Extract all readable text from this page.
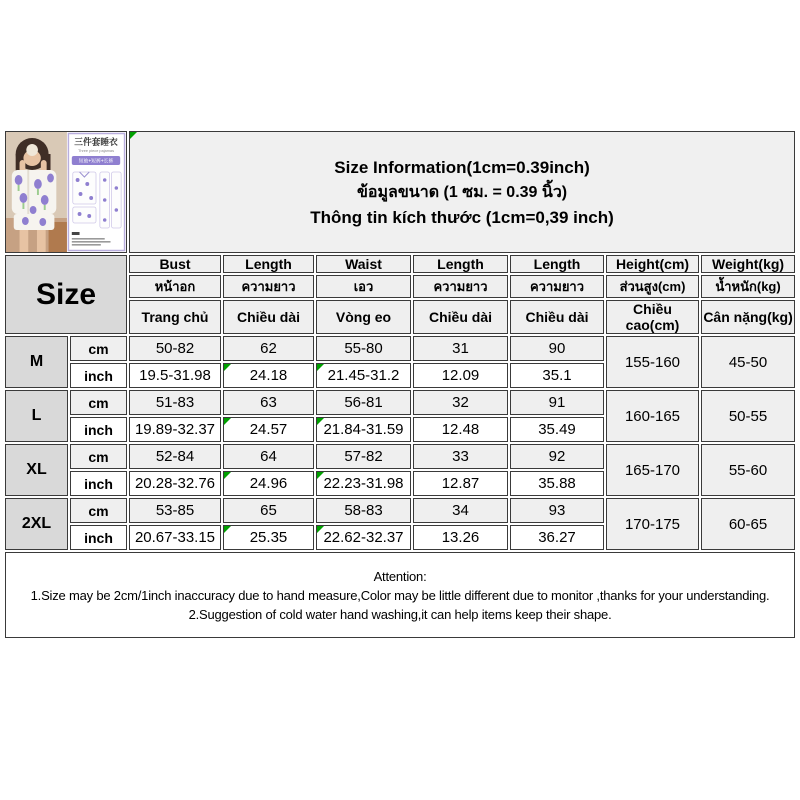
三件套睡衣
Three piece pajamas
短袖+短裤+长裤	Size Information(1cm=0.39inch)
ข้อมูลขนาด (1 ซม. = 0.39 นิ้ว)
Thông tin kích thước (1cm=0,39 inch)

Size		Bust	Length	Waist	Length	Length	Height(cm)	Weight(kg)
		หน้าอก	ความยาว	เอว	ความยาว	ความยาว	ส่วนสูง(cm)	น้ำหนัก(kg)
		Trang chủ	Chiều dài	Vòng eo	Chiều dài	Chiều dài	Chiều cao(cm)	Cân nặng(kg)
M	cm	50-82	62	55-80	31	90	155-160	45-50
	inch	19.5-31.98	24.18	21.45-31.2	12.09	35.1		
L	cm	51-83	63	56-81	32	91	160-165	50-55
	inch	19.89-32.37	24.57	21.84-31.59	12.48	35.49		
XL	cm	52-84	64	57-82	33	92	165-170	55-60
	inch	20.28-32.76	24.96	22.23-31.98	12.87	35.88		
2XL	cm	53-85	65	58-83	34	93	170-175	60-65
	inch	20.67-33.15	25.35	22.62-32.37	13.26	36.27		

Attention:
1.Size may be 2cm/1inch inaccuracy due to hand measure,Color may be little different due to monitor ,thanks for your understanding.
2.Suggestion of cold water hand washing,it can help items keep their shape.								
